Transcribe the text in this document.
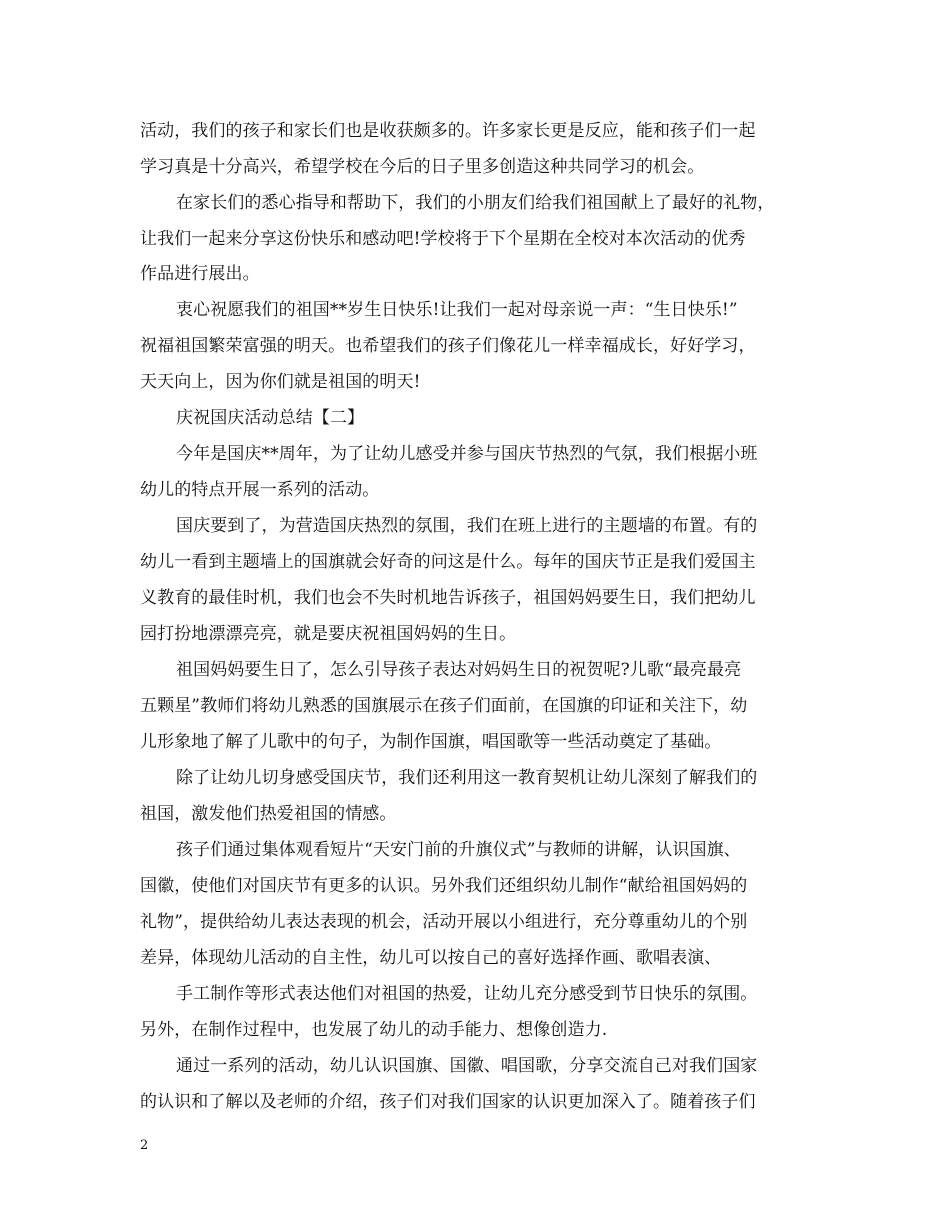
活动，我们的孩子和家长们也是收获颇多的。许多家长更是反应，能和孩子们一起
学习真是十分高兴，希望学校在今后的日子里多创造这种共同学习的机会。
在家长们的悉心指导和帮助下，我们的小朋友们给我们祖国献上了最好的礼物，
让我们一起来分享这份快乐和感动吧!学校将于下个星期在全校对本次活动的优秀
作品进行展出。
衷心祝愿我们的祖国**岁生日快乐!让我们一起对母亲说一声：“生日快乐!”
祝福祖国繁荣富强的明天。也希望我们的孩子们像花儿一样幸福成长，好好学习，
天天向上，因为你们就是祖国的明天!
庆祝国庆活动总结【二】
今年是国庆**周年，为了让幼儿感受并参与国庆节热烈的气氛，我们根据小班
幼儿的特点开展一系列的活动。
国庆要到了，为营造国庆热烈的氛围，我们在班上进行的主题墙的布置。有的
幼儿一看到主题墙上的国旗就会好奇的问这是什么。每年的国庆节正是我们爱国主
义教育的最佳时机，我们也会不失时机地告诉孩子，祖国妈妈要生日，我们把幼儿
园打扮地漂漂亮亮，就是要庆祝祖国妈妈的生日。
祖国妈妈要生日了，怎么引导孩子表达对妈妈生日的祝贺呢?儿歌“最亮最亮
五颗星”教师们将幼儿熟悉的国旗展示在孩子们面前，在国旗的印证和关注下，幼
儿形象地了解了儿歌中的句子，为制作国旗，唱国歌等一些活动奠定了基础。
除了让幼儿切身感受国庆节，我们还利用这一教育契机让幼儿深刻了解我们的
祖国，激发他们热爱祖国的情感。
孩子们通过集体观看短片“天安门前的升旗仪式”与教师的讲解，认识国旗、
国徽，使他们对国庆节有更多的认识。另外我们还组织幼儿制作“献给祖国妈妈的
礼物”，提供给幼儿表达表现的机会，活动开展以小组进行，充分尊重幼儿的个别
差异，体现幼儿活动的自主性，幼儿可以按自己的喜好选择作画、歌唱表演、
手工制作等形式表达他们对祖国的热爱，让幼儿充分感受到节日快乐的氛围。
另外，在制作过程中，也发展了幼儿的动手能力、想像创造力.
通过一系列的活动，幼儿认识国旗、国徽、唱国歌，分享交流自己对我们国家
的认识和了解以及老师的介绍，孩子们对我们国家的认识更加深入了。随着孩子们
2
